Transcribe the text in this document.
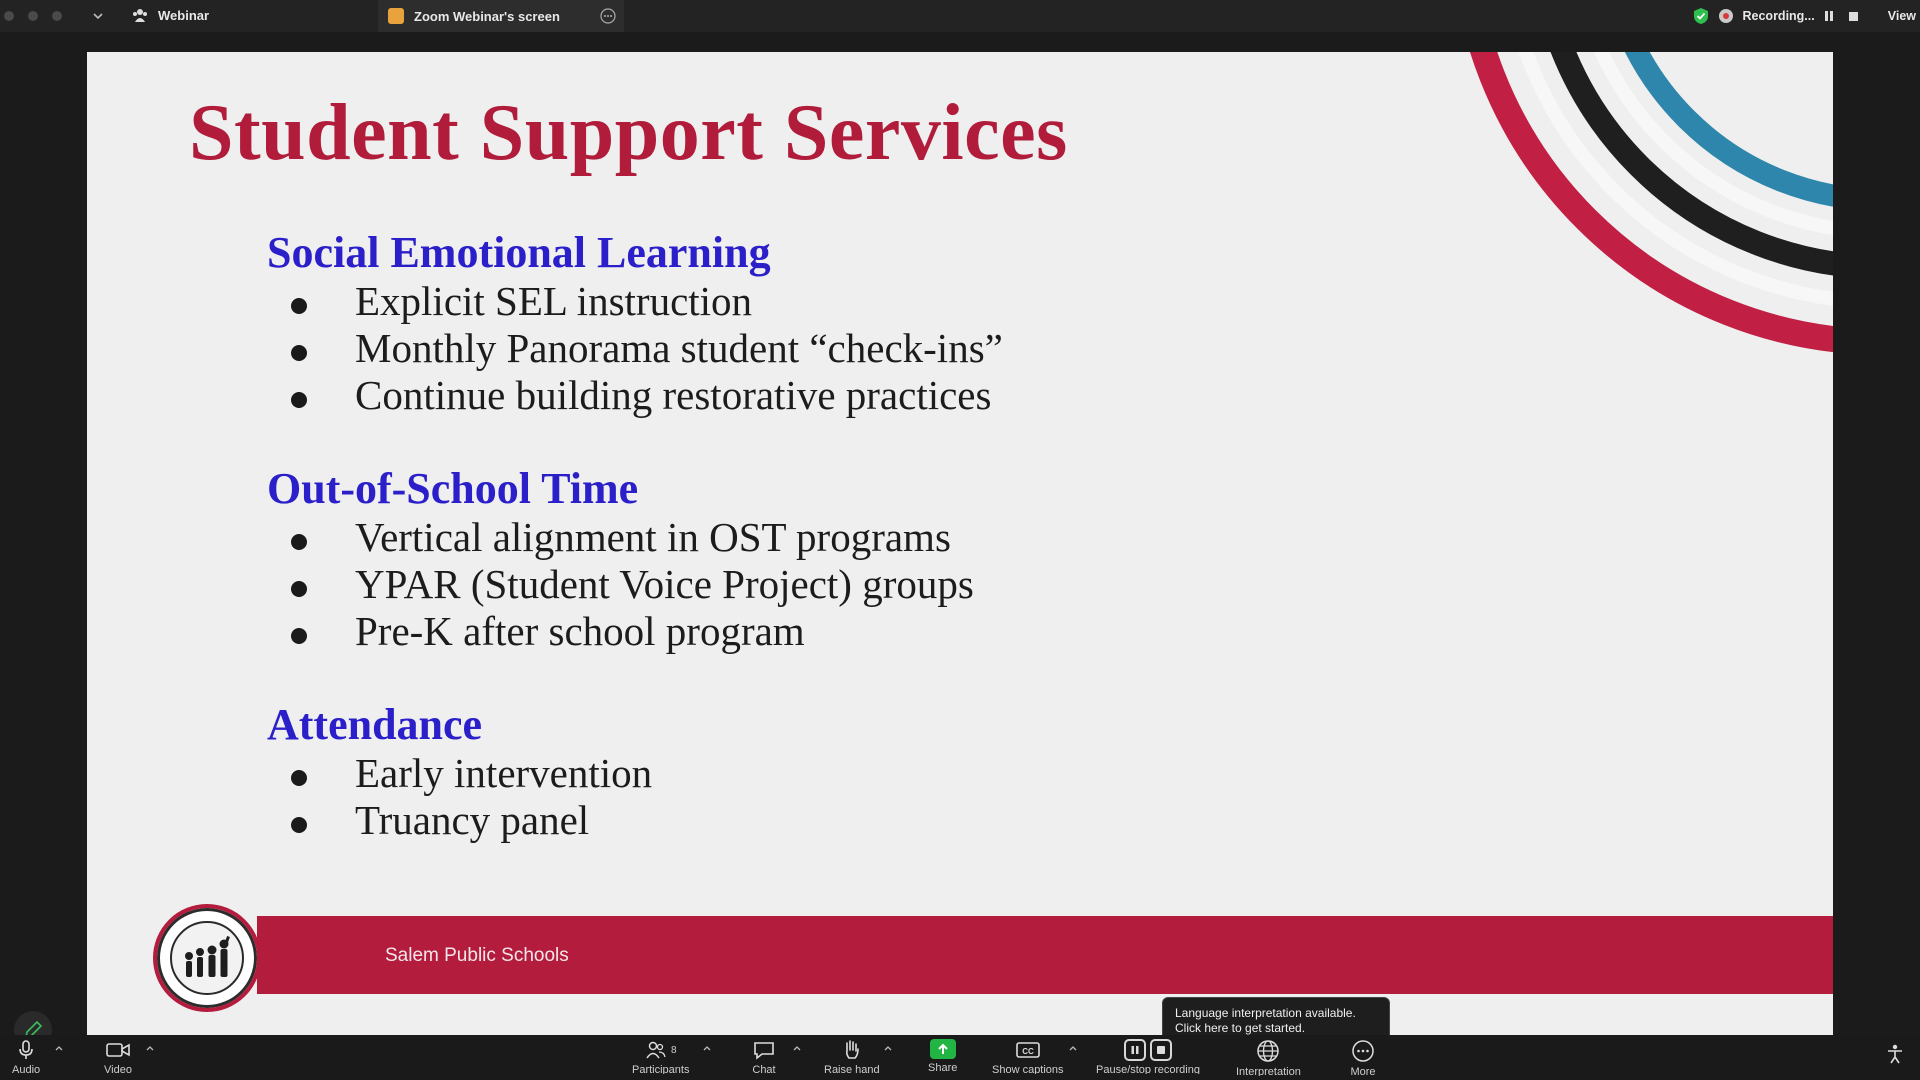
Webinar	Zoom Webinar's screen	Recording...	View
Student Support Services
Social Emotional Learning
Explicit SEL instruction
Monthly Panorama student “check-ins”
Continue building restorative practices
Out-of-School Time
Vertical alignment in OST programs
YPAR (Student Voice Project) groups
Pre-K after school program
Attendance
Early intervention
Truancy panel
Salem Public Schools
Language interpretation available.
Click here to get started.
Audio	Video
8
Participants	Chat	Raise hand	Share
CC
Show captions	Pause/stop recording	Interpretation	More
